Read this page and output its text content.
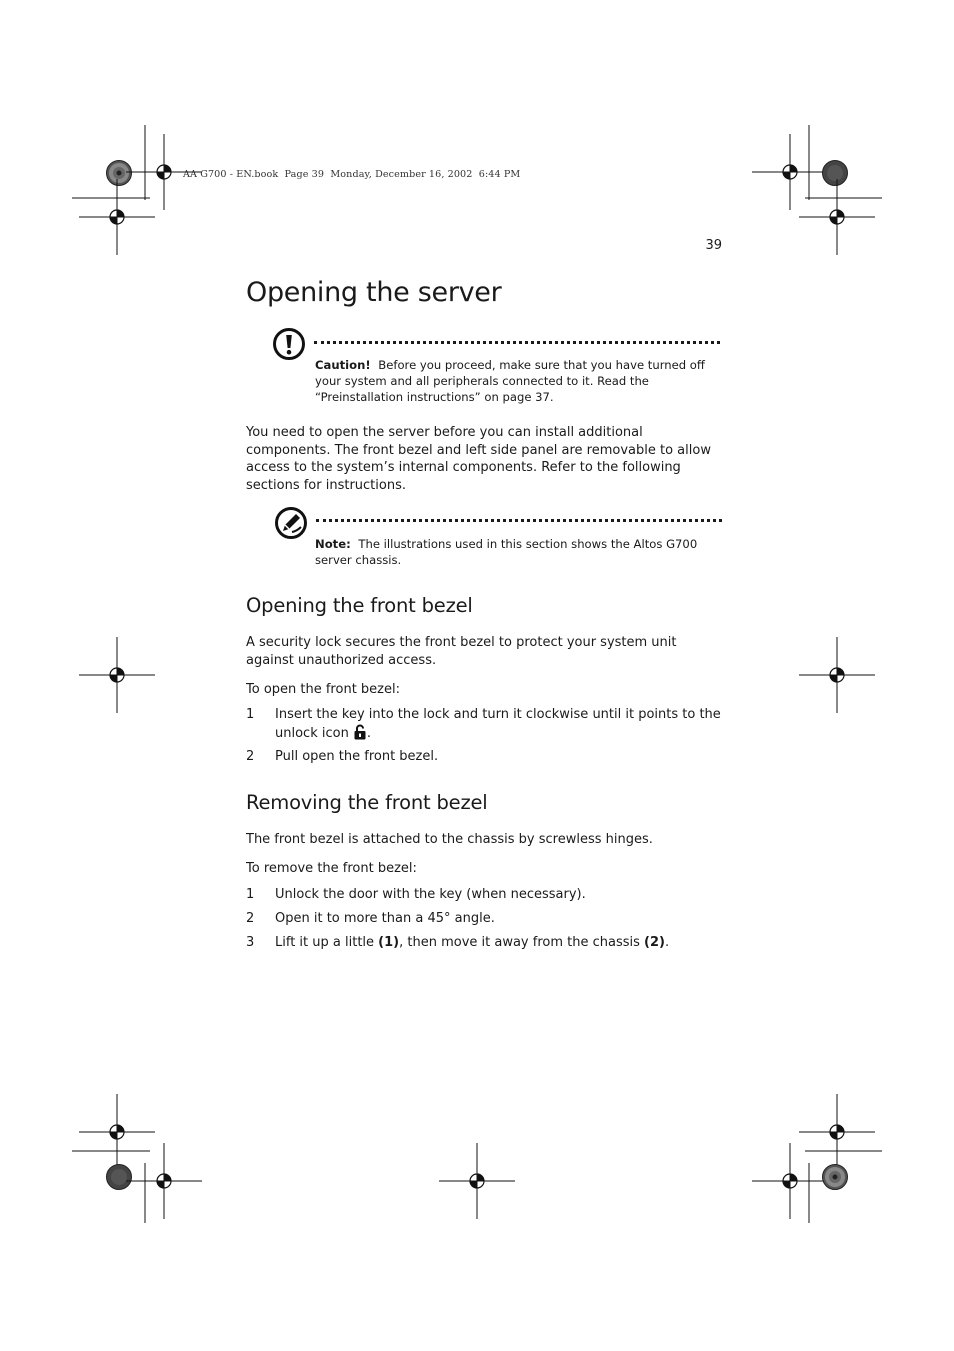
AA G700 - EN.book  Page 39  Monday, December 16, 2002  6:44 PM
39
Opening the server
Caution! Before you proceed, make sure that you have turned off your system and all peripherals connected to it. Read the “Preinstallation instructions” on page 37.

You need to open the server before you can install additional components. The front bezel and left side panel are removable to allow access to the system’s internal components. Refer to the following sections for instructions.

Note: The illustrations used in this section shows the Altos G700 server chassis.
Opening the front bezel

A security lock secures the front bezel to protect your system unit against unauthorized access.

To open the front bezel:

1 Insert the key into the lock and turn it clockwise until it points to the unlock icon .
2 Pull open the front bezel.
Removing the front bezel

The front bezel is attached to the chassis by screwless hinges.

To remove the front bezel:

1 Unlock the door with the key (when necessary).
2 Open it to more than a 45° angle.
3 Lift it up a little (1), then move it away from the chassis (2).
